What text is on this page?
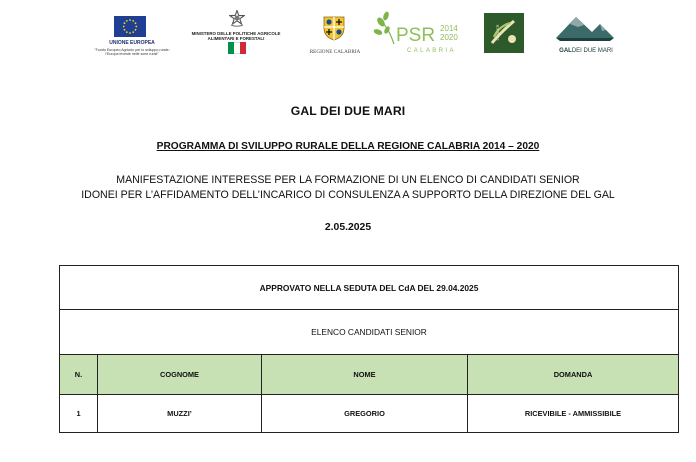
UNIONE EUROPEA
"Fondo Europeo Agricolo per lo sviluppo rurale: l'Europa investe nelle zone rurali"
MINISTERO DELLE POLITICHE AGRICOLE
ALIMENTARI E FORESTALI
REGIONE CALABRIA
PSR 2014
2020
CALABRIA
LEADER
GALDEI DUE MARI
GAL DEI DUE MARI
PROGRAMMA DI SVILUPPO RURALE DELLA REGIONE CALABRIA 2014 – 2020
MANIFESTAZIONE INTERESSE PER LA FORMAZIONE DI UN ELENCO DI CANDIDATI SENIOR
IDONEI PER L’AFFIDAMENTO DELL’INCARICO DI CONSULENZA A SUPPORTO DELLA DIREZIONE DEL GAL
2.05.2025
APPROVATO NELLA SEDUTA DEL CdA DEL 29.04.2025
ELENCO CANDIDATI SENIOR
N.	COGNOME	NOME	DOMANDA
1	MUZZI’	GREGORIO	RICEVIBILE - AMMISSIBILE
